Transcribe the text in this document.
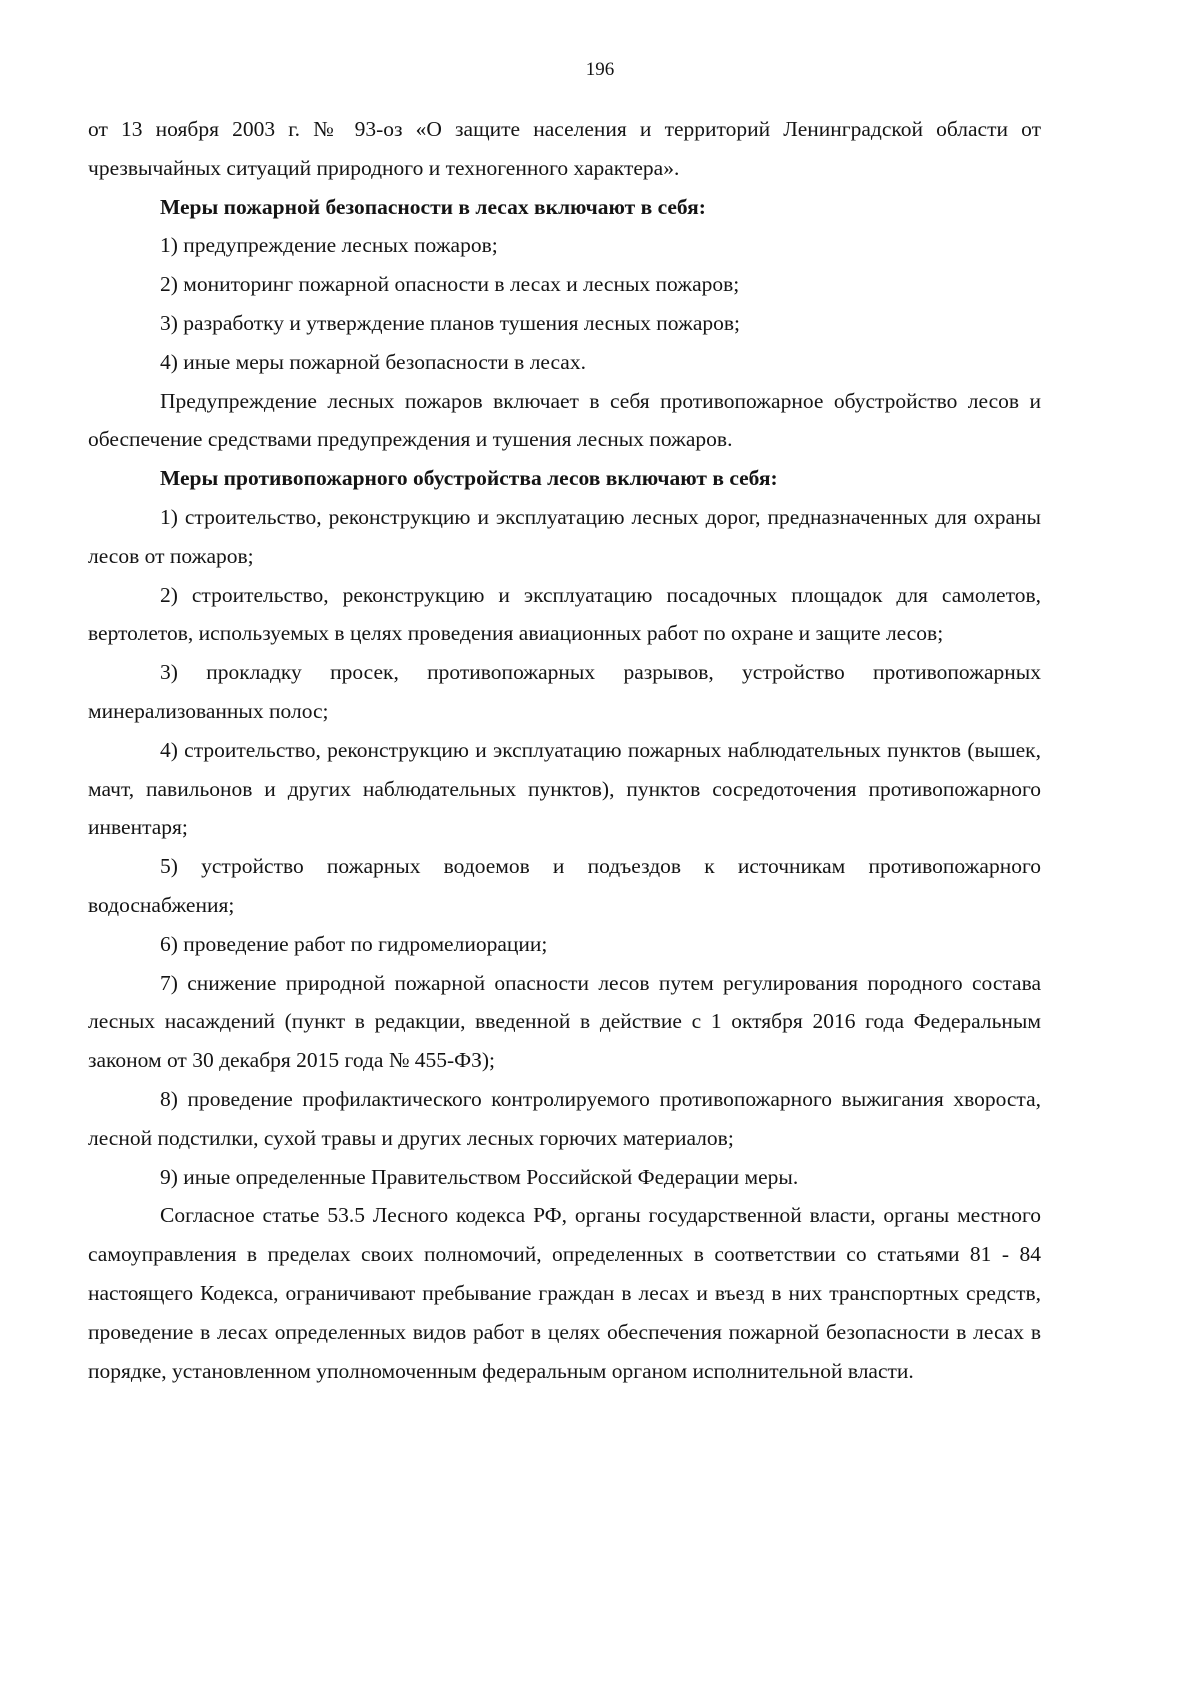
196

от 13 ноября 2003 г. № 93-оз «О защите населения и территорий Ленинградской области от чрезвычайных ситуаций природного и техногенного характера».

Меры пожарной безопасности в лесах включают в себя:

1) предупреждение лесных пожаров;

2) мониторинг пожарной опасности в лесах и лесных пожаров;

3) разработку и утверждение планов тушения лесных пожаров;

4) иные меры пожарной безопасности в лесах.

Предупреждение лесных пожаров включает в себя противопожарное обустройство лесов и обеспечение средствами предупреждения и тушения лесных пожаров.

Меры противопожарного обустройства лесов включают в себя:

1) строительство, реконструкцию и эксплуатацию лесных дорог, предназначенных для охраны лесов от пожаров;

2) строительство, реконструкцию и эксплуатацию посадочных площадок для самолетов, вертолетов, используемых в целях проведения авиационных работ по охране и защите лесов;

3) прокладку просек, противопожарных разрывов, устройство противопожарных минерализованных полос;

4) строительство, реконструкцию и эксплуатацию пожарных наблюдательных пунктов (вышек, мачт, павильонов и других наблюдательных пунктов), пунктов сосредоточения противопожарного инвентаря;

5) устройство пожарных водоемов и подъездов к источникам противопожарного водоснабжения;

6) проведение работ по гидромелиорации;

7) снижение природной пожарной опасности лесов путем регулирования породного состава лесных насаждений (пункт в редакции, введенной в действие с 1 октября 2016 года Федеральным законом от 30 декабря 2015 года № 455-ФЗ);

8) проведение профилактического контролируемого противопожарного выжигания хвороста, лесной подстилки, сухой травы и других лесных горючих материалов;

9) иные определенные Правительством Российской Федерации меры.

Согласное статье 53.5 Лесного кодекса РФ, органы государственной власти, органы местного самоуправления в пределах своих полномочий, определенных в соответствии со статьями 81 - 84 настоящего Кодекса, ограничивают пребывание граждан в лесах и въезд в них транспортных средств, проведение в лесах определенных видов работ в целях обеспечения пожарной безопасности в лесах в порядке, установленном уполномоченным федеральным органом исполнительной власти.
